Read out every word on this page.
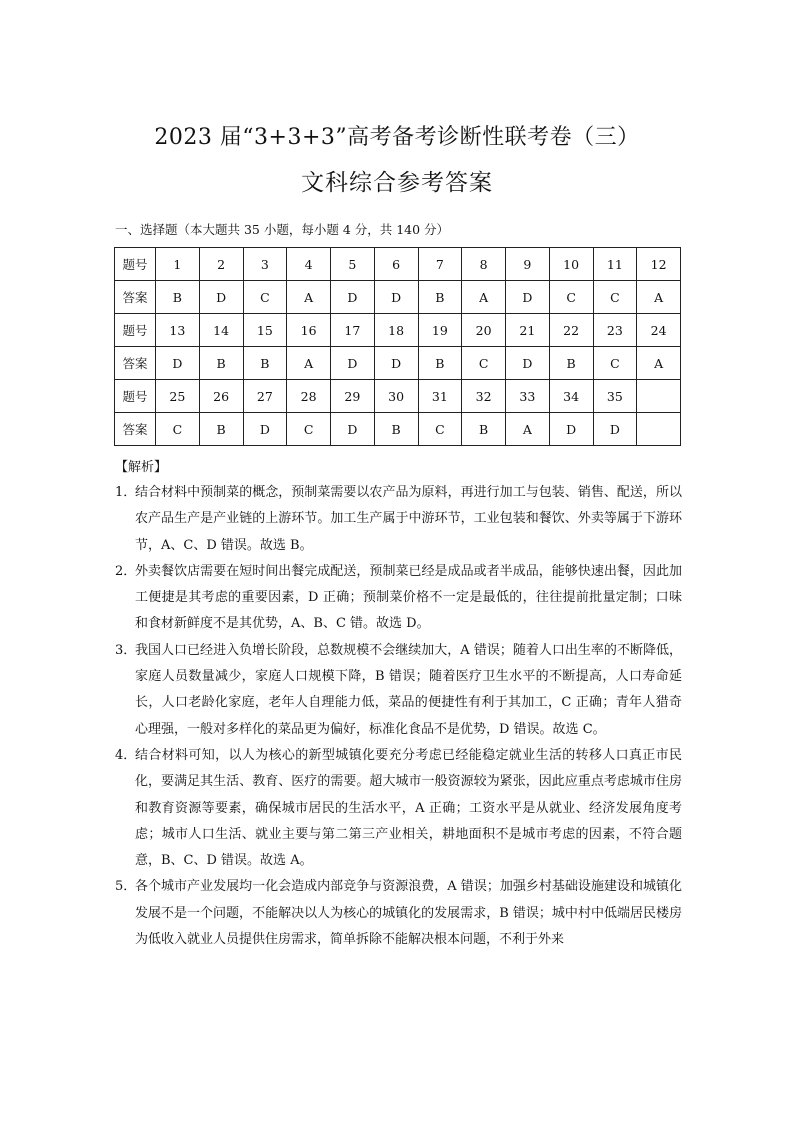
2023 届“3+3+3”高考备考诊断性联考卷（三）
文科综合参考答案
一、选择题（本大题共 35 小题，每小题 4 分，共 140 分）
题号	1	2	3	4	5	6	7	8	9	10	11	12
答案	B	D	C	A	D	D	B	A	D	C	C	A
题号	13	14	15	16	17	18	19	20	21	22	23	24
答案	D	B	B	A	D	D	B	C	D	B	C	A
题号	25	26	27	28	29	30	31	32	33	34	35	
答案	C	B	D	C	D	B	C	B	A	D	D	
【解析】
1．
结合材料中预制菜的概念，预制菜需要以农产品为原料，再进行加工与包装、销售、配送，所以农产品生产是产业链的上游环节。加工生产属于中游环节，工业包装和餐饮、外卖等属于下游环节，A、C、D 错误。故选 B。
2．
外卖餐饮店需要在短时间出餐完成配送，预制菜已经是成品或者半成品，能够快速出餐，因此加工便捷是其考虑的重要因素，D 正确；预制菜价格不一定是最低的，往往提前批量定制；口味和食材新鲜度不是其优势，A、B、C 错。故选 D。
3．
我国人口已经进入负增长阶段，总数规模不会继续加大，A 错误；随着人口出生率的不断降低，家庭人员数量减少，家庭人口规模下降，B 错误；随着医疗卫生水平的不断提高，人口寿命延长，人口老龄化家庭，老年人自理能力低，菜品的便捷性有利于其加工，C 正确；青年人猎奇心理强，一般对多样化的菜品更为偏好，标准化食品不是优势，D 错误。故选 C。
4．
结合材料可知，以人为核心的新型城镇化要充分考虑已经能稳定就业生活的转移人口真正市民化，要满足其生活、教育、医疗的需要。超大城市一般资源较为紧张，因此应重点考虑城市住房和教育资源等要素，确保城市居民的生活水平，A 正确；工资水平是从就业、经济发展角度考虑；城市人口生活、就业主要与第二第三产业相关，耕地面积不是城市考虑的因素，不符合题意，B、C、D 错误。故选 A。
5．
各个城市产业发展均一化会造成内部竞争与资源浪费，A 错误；加强乡村基础设施建设和城镇化发展不是一个问题，不能解决以人为核心的城镇化的发展需求，B 错误；城中村中低端居民楼房为低收入就业人员提供住房需求，简单拆除不能解决根本问题，不利于外来
